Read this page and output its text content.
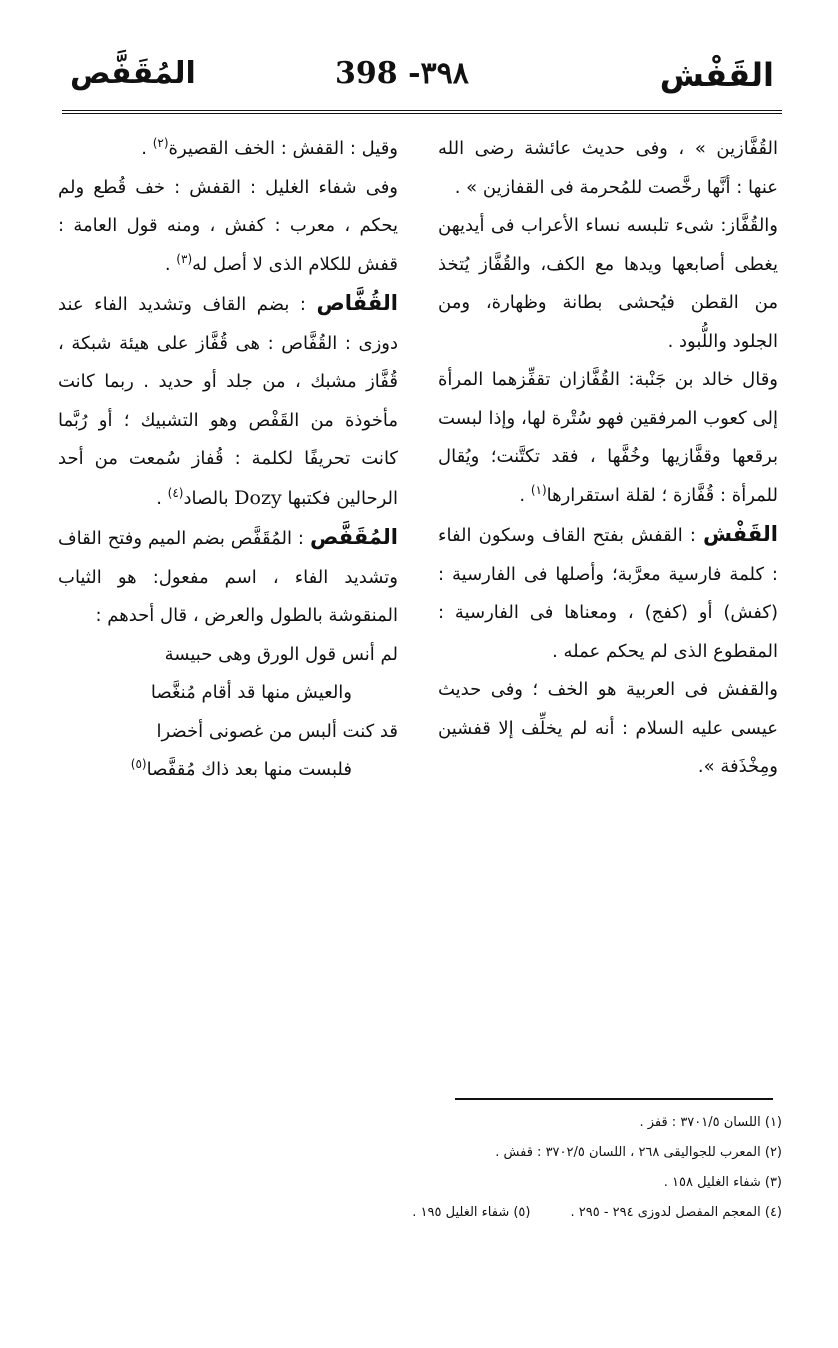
المُقَفَّص	398 -٣٩٨	القَفْش

القُفَّازين » ، وفى حديث عائشة رضى الله عنها : أنَّها رخَّصت للمُحرمة فى القفازين » .

والقُفَّاز: شىء تلبسه نساء الأعراب فى أيديهن يغطى أصابعها ويدها مع الكف، والقُفَّاز يُتخذ من القطن فيُحشى بطانة وظهارة، ومن الجلود واللُّبود .

وقال خالد بن جَنْبة: القُفَّازان تقفِّزهما المرأة إلى كعوب المرفقين فهو سُتْرة لها، وإذا لبست برقعها وقفَّازيها وخُفَّها ، فقد تكتَّنت؛ ويُقال للمرأة : قُفَّازة ؛ لقلة استقرارها$^{(١)}$ .

القَفْش : القفش بفتح القاف وسكون الفاء : كلمة فارسية معرَّبة؛ وأصلها فى الفارسية : (كفش) أو (كفج) ، ومعناها فى الفارسية : المقطوع الذى لم يحكم عمله .

والقفش فى العربية هو الخف ؛ وفى حديث عيسى عليه السلام : أنه لم يخلِّف إلا قفشين ومِخْذَفة ».

وقيل : القفش : الخف القصيرة$^{(٢)}$ .

وفى شفاء الغليل : القفش : خف قُطع ولم يحكم ، معرب : كفش ، ومنه قول العامة : قفش للكلام الذى لا أصل له$^{(٣)}$ .

القُفَّاص : بضم القاف وتشديد الفاء عند دوزى : القُفَّاص : هى قُفَّاز على هيئة شبكة ، قُفَّاز مشبك ، من جلد أو حديد . ربما كانت مأخوذة من القَفْص وهو التشبيك ؛ أو رُبَّما كانت تحريفًا لكلمة : قُفاز سُمعت من أحد الرحالين فكتبها Dozy بالصاد$^{(٤)}$ .

المُقَفَّص : المُقَفَّص بضم الميم وفتح القاف وتشديد الفاء ، اسم مفعول: هو الثياب المنقوشة بالطول والعرض ، قال أحدهم :

لم أنس قول الورق وهى حبيسة
والعيش منها قد أقام مُنغَّصا
قد كنت ألبس من غصونى أخضرا
فلبست منها بعد ذاك مُقفَّصا$^{(٥)}$

(١) اللسان ٣٧٠١/٥ : قفز .

(٢) المعرب للجواليقى ٢٦٨ ، اللسان ٣٧٠٢/٥ : قفش .

(٣) شفاء الغليل ١٥٨ .

(٤) المعجم المفصل لدوزى ٢٩٤ - ٢٩٥ .
(٥) شفاء الغليل ١٩٥ .
